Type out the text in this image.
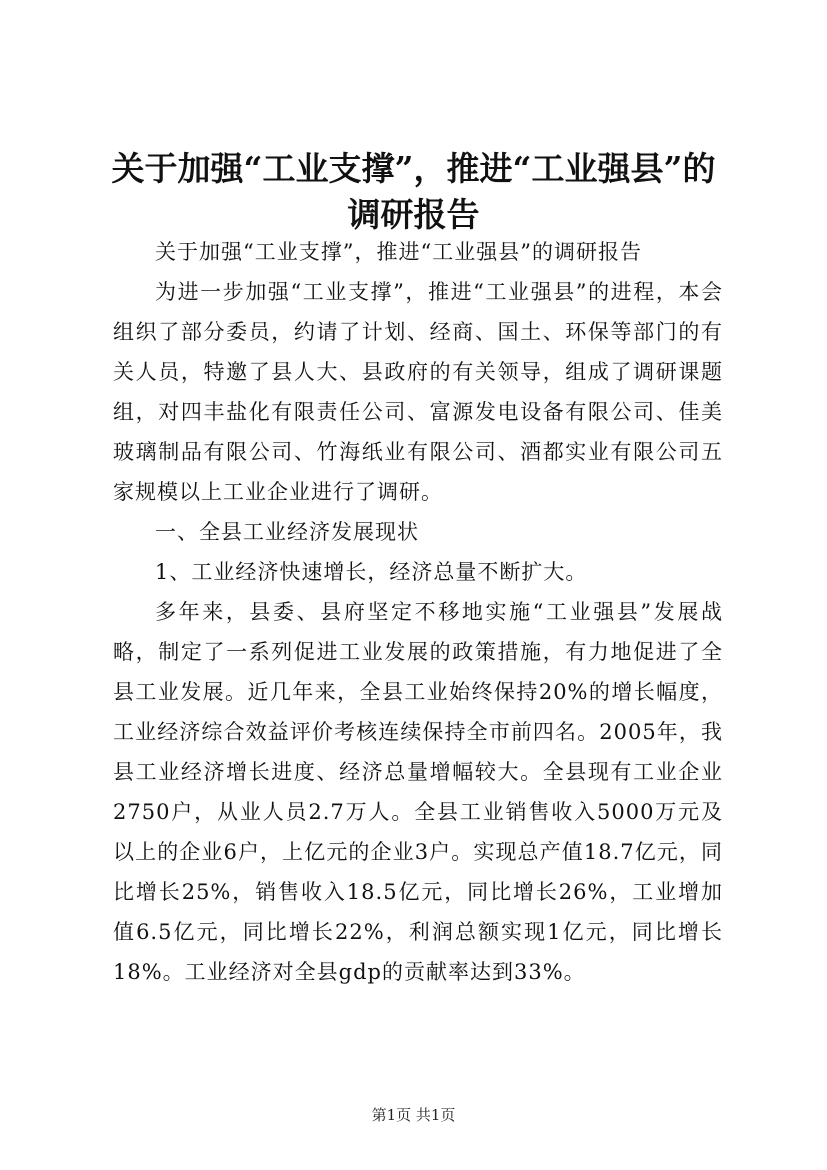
关于加强“工业支撑”，推进“工业强县”的
调研报告

关于加强“工业支撑”，推进“工业强县”的调研报告

为进一步加强“工业支撑”，推进“工业强县”的进程，本会组织了部分委员，约请了计划、经商、国土、环保等部门的有关人员，特邀了县人大、县政府的有关领导，组成了调研课题组，对四丰盐化有限责任公司、富源发电设备有限公司、佳美玻璃制品有限公司、竹海纸业有限公司、酒都实业有限公司五家规模以上工业企业进行了调研。

一、全县工业经济发展现状

1、工业经济快速增长，经济总量不断扩大。

多年来，县委、县府坚定不移地实施“工业强县”发展战略，制定了一系列促进工业发展的政策措施，有力地促进了全县工业发展。近几年来，全县工业始终保持20%的增长幅度，工业经济综合效益评价考核连续保持全市前四名。2005年，我县工业经济增长进度、经济总量增幅较大。全县现有工业企业2750户，从业人员2.7万人。全县工业销售收入5000万元及以上的企业6户，上亿元的企业3户。实现总产值18.7亿元，同比增长25%，销售收入18.5亿元，同比增长26%，工业增加值6.5亿元，同比增长22%，利润总额实现1亿元，同比增长18%。工业经济对全县gdp的贡献率达到33%。

第1页 共1页
